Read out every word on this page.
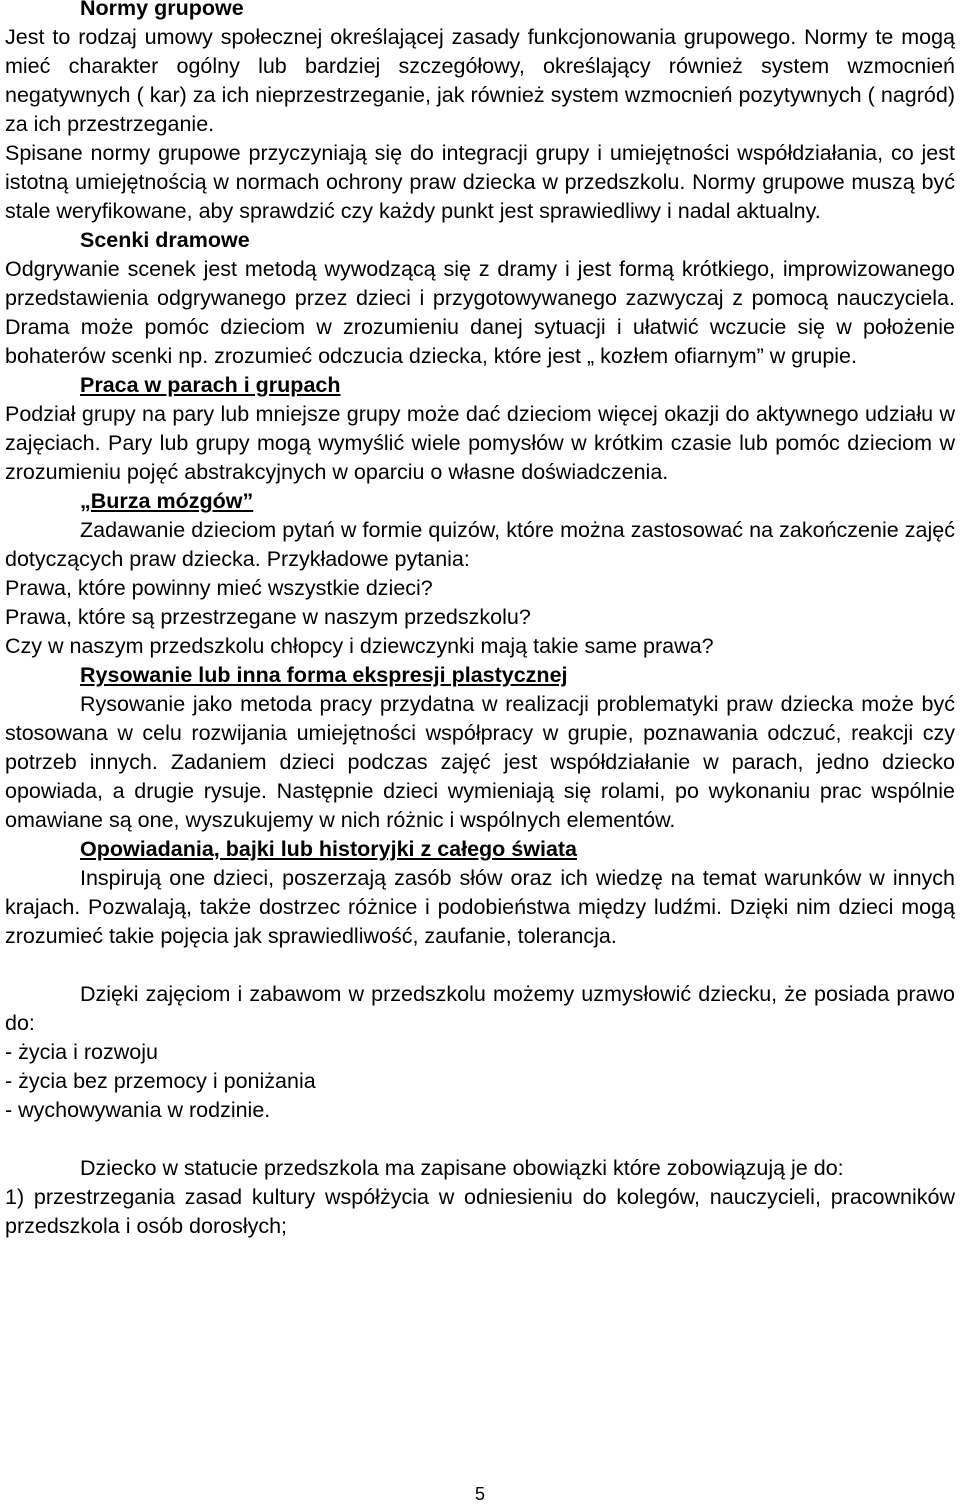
Normy grupowe

Jest to rodzaj umowy społecznej określającej zasady funkcjonowania grupowego. Normy te mogą mieć charakter ogólny lub bardziej szczegółowy, określający również system wzmocnień negatywnych ( kar) za ich nieprzestrzeganie, jak również system wzmocnień pozytywnych ( nagród) za ich przestrzeganie.

Spisane normy grupowe przyczyniają się do integracji grupy i umiejętności współdziałania, co jest istotną umiejętnością w normach ochrony praw dziecka w przedszkolu. Normy grupowe muszą być stale weryfikowane, aby sprawdzić czy każdy punkt jest sprawiedliwy i nadal aktualny.

Scenki dramowe

Odgrywanie scenek jest metodą wywodzącą się z dramy i jest formą krótkiego, improwizowanego przedstawienia odgrywanego przez dzieci i przygotowywanego zazwyczaj z pomocą nauczyciela. Drama może pomóc dzieciom w zrozumieniu danej sytuacji i ułatwić wczucie się w położenie bohaterów scenki np. zrozumieć odczucia dziecka, które jest „ kozłem ofiarnym” w grupie.

Praca w parach i grupach

Podział grupy na pary lub mniejsze grupy może dać dzieciom więcej okazji do aktywnego udziału w zajęciach. Pary lub grupy mogą wymyślić wiele pomysłów w krótkim czasie lub pomóc dzieciom w zrozumieniu pojęć abstrakcyjnych w oparciu o własne doświadczenia.

„Burza mózgów”

Zadawanie dzieciom pytań w formie quizów, które można zastosować na zakończenie zajęć dotyczących praw dziecka. Przykładowe pytania:

Prawa, które powinny mieć wszystkie dzieci?

Prawa, które są przestrzegane w naszym przedszkolu?

Czy w naszym przedszkolu chłopcy i dziewczynki mają takie same prawa?

Rysowanie lub inna forma ekspresji plastycznej

Rysowanie jako metoda pracy przydatna w realizacji problematyki praw dziecka może być stosowana w celu rozwijania umiejętności współpracy w grupie, poznawania odczuć, reakcji czy potrzeb innych. Zadaniem dzieci podczas zajęć jest współdziałanie w parach, jedno dziecko opowiada, a drugie rysuje. Następnie dzieci wymieniają się rolami, po wykonaniu prac wspólnie omawiane są one, wyszukujemy w nich różnic i wspólnych elementów.

Opowiadania, bajki lub historyjki z całego świata

Inspirują one dzieci, poszerzają zasób słów oraz ich wiedzę na temat warunków w innych krajach. Pozwalają, także dostrzec różnice i podobieństwa między ludźmi. Dzięki nim dzieci mogą zrozumieć takie pojęcia jak sprawiedliwość, zaufanie, tolerancja.

Dzięki zajęciom i zabawom w przedszkolu możemy uzmysłowić dziecku, że posiada prawo do:

- życia i rozwoju

- życia bez przemocy i poniżania

- wychowywania w rodzinie.

Dziecko w statucie przedszkola ma zapisane obowiązki które zobowiązują je do:

1) przestrzegania zasad kultury współżycia w odniesieniu do kolegów, nauczycieli, pracowników przedszkola i osób dorosłych;

5
